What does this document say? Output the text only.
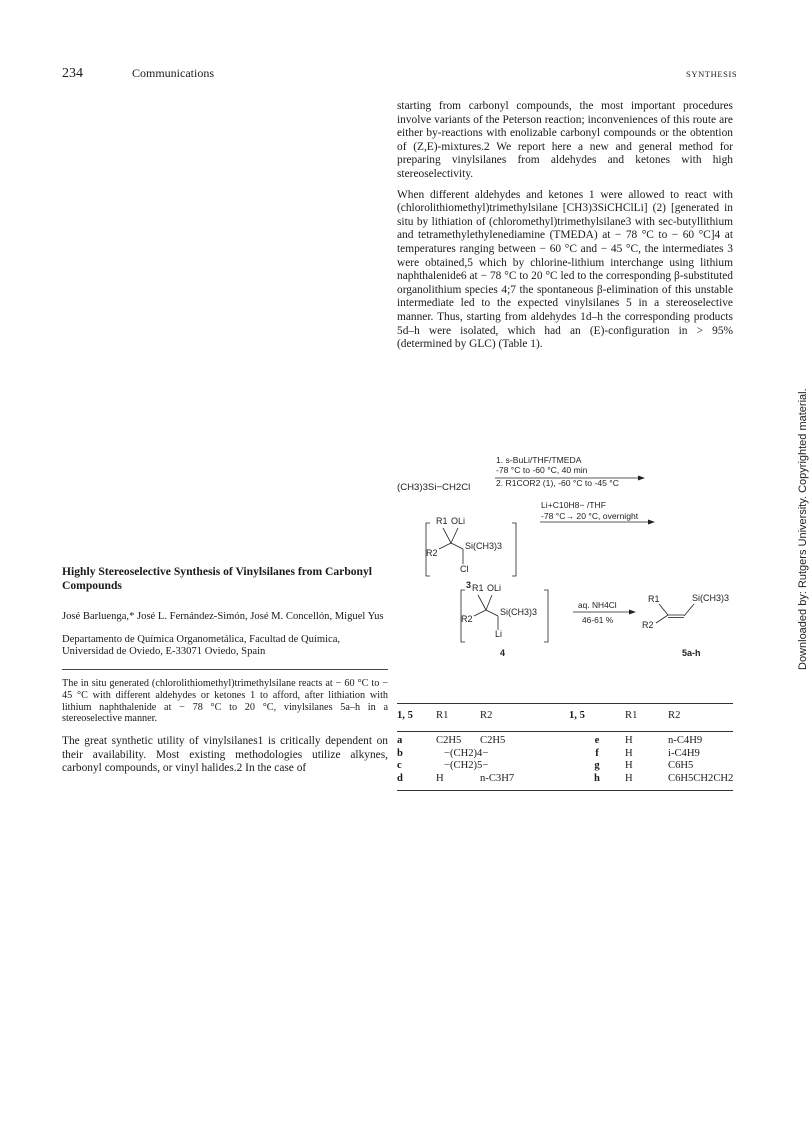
234	Communications	SYNTHESIS

starting from carbonyl compounds, the most important procedures involve variants of the Peterson reaction; inconveniences of this route are either by-reactions with enolizable carbonyl compounds or the obtention of (Z,E)-mixtures.2 We report here a new and general method for preparing vinylsilanes from aldehydes and ketones with high stereoselectivity.

When different aldehydes and ketones 1 were allowed to react with (chlorolithiomethyl)trimethylsilane [CH3)3SiCHClLi] (2) [generated in situ by lithiation of (chloromethyl)trimethylsilane3 with sec-butyllithium and tetramethylethylenediamine (TMEDA) at − 78 °C to − 60 °C]4 at temperatures ranging between − 60 °C and − 45 °C, the intermediates 3 were obtained,5 which by chlorine-lithium interchange using lithium naphthalenide6 at − 78 °C to 20 °C led to the corresponding β-substituted organolithium species 4;7 the spontaneous β-elimination of this unstable intermediate led to the expected vinylsilanes 5 in a stereoselective manner. Thus, starting from aldehydes 1d–h the corresponding products 5d–h were isolated, which had an (E)-configuration in > 95% (determined by GLC) (Table 1).

1. s-BuLi/THF/TMEDA
-78 °C to -60 °C, 40 min
2. R1COR2 (1), -60 °C to -45 °C
(CH3)3Si−CH2Cl
R1 OLi
R2
Si(CH3)3
Cl
3
Li+C10H8− /THF
-78 °C→ 20 °C, overnight
R1 OLi
R2
Si(CH3)3
Li
4
aq. NH4Cl
46-61 %
R1
R2
Si(CH3)3
5a-h

Highly Stereoselective Synthesis of Vinylsilanes from Carbonyl Compounds

José Barluenga,* José L. Fernández-Simón, José M. Concellón, Miguel Yus

Departamento de Química Organometálica, Facultad de Química, Universidad de Oviedo, E-33071 Oviedo, Spain

The in situ generated (chlorolithiomethyl)trimethylsilane reacts at − 60 °C to − 45 °C with different aldehydes or ketones 1 to afford, after lithiation with lithium naphthalenide at − 78 °C to 20 °C, vinylsilanes 5a–h in a stereoselective manner.

The great synthetic utility of vinylsilanes1 is critically dependent on their availability. Most existing methodologies utilize alkynes, carbonyl compounds, or vinyl halides.2 In the case of

1, 5	R1	R2	1, 5	R1	R2
a	C2H5	C2H5	e	H	n-C4H9
b	−(CH2)4−		f	H	i-C4H9
c	−(CH2)5−		g	H	C6H5
d	H	n-C3H7	h	H	C6H5CH2CH2
Downloaded by: Rutgers University. Copyrighted material.
